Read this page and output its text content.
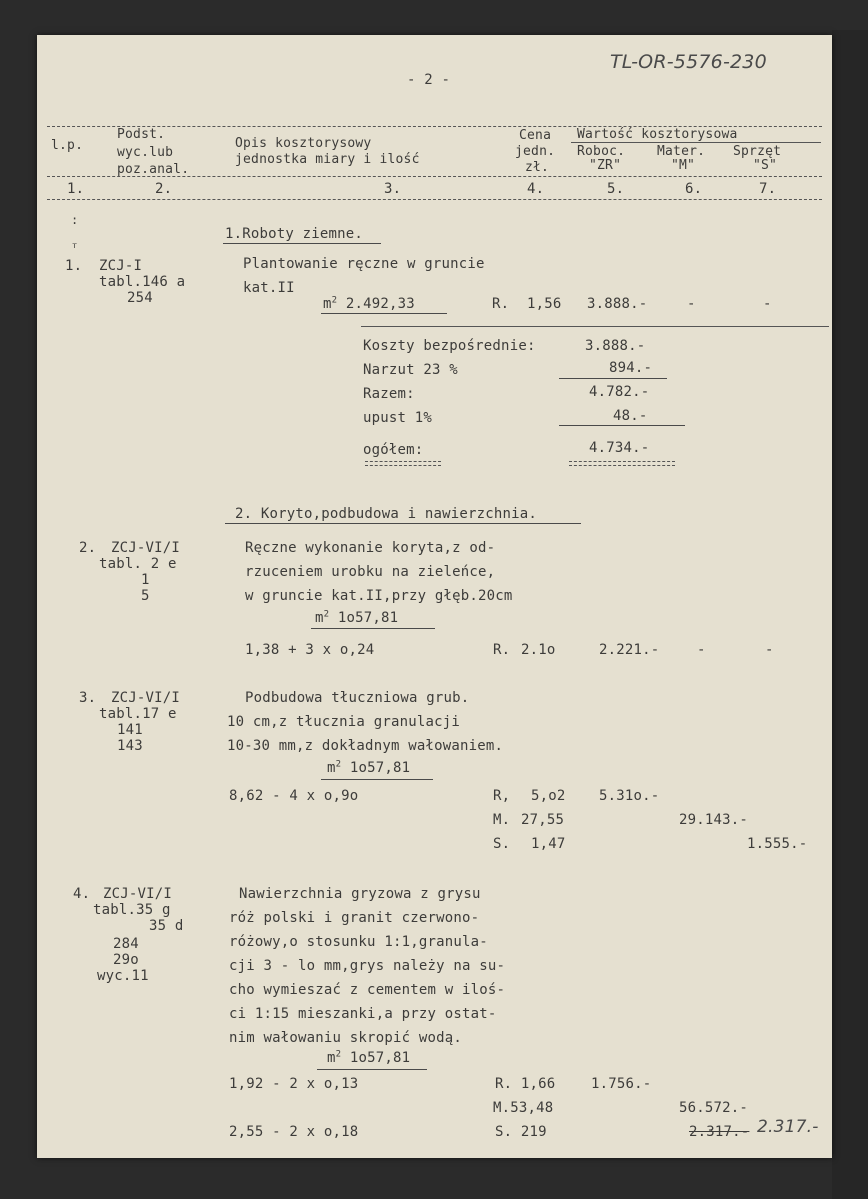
- 2 -
TL-OR-5576-230
l.p.
Podst.
wyc.lub
poz.anal.
Opis kosztorysowy
jednostka miary i ilość
Cena
jedn.
zł.
Wartość kosztorysowa
Roboc.
"ZR"
Mater.
"M"
Sprzęt
"S"
1.	2.	3.	4.	5.	6.	7.
1.Roboty ziemne.
1. ZCJ-I
tabl.146 a
254
Plantowanie ręczne w gruncie
kat.II
$m^2$ 2.492,33	R. 1,56 3.888.-	-	-
Koszty bezpośrednie:	3.888.-
Narzut 23 %	894.-
Razem:	4.782.-
upust 1%	48.-
ogółem:	4.734.-
2. Koryto,podbudowa i nawierzchnia.
2. ZCJ-VI/I
tabl. 2 e
1
5
Ręczne wykonanie koryta,z od-
rzuceniem urobku na zieleńce,
w gruncie kat.II,przy głęb.20cm
$m^2$ 1o57,81
1,38 + 3 x o,24	R. 2.1o	2.221.-	-	-
3. ZCJ-VI/I
tabl.17 e
141
143
Podbudowa tłuczniowa grub.
10 cm,z tłucznia granulacji
10-30 mm,z dokładnym wałowaniem.
$m^2$ 1o57,81
8,62 - 4 x o,9o	R, 5,o2 5.31o.-
M. 27,55	29.143.-
S. 1,47	1.555.-
4. ZCJ-VI/I
tabl.35 g
35 d
284
29o
wyc.11
Nawierzchnia gryzowa z grysu
róż polski i granit czerwono-
różowy,o stosunku 1:1,granula-
cji 3 - lo mm,grys należy na su-
cho wymieszać z cementem w iloś-
ci 1:15 mieszanki,a przy ostat-
nim wałowaniu skropić wodą.
$m^2$ 1o57,81
1,92 - 2 x o,13	R. 1,66	1.756.-
M.53,48	56.572.-
2,55 - 2 x o,18	S. 219	2.317.- 2.317.-
:
ᵀ
